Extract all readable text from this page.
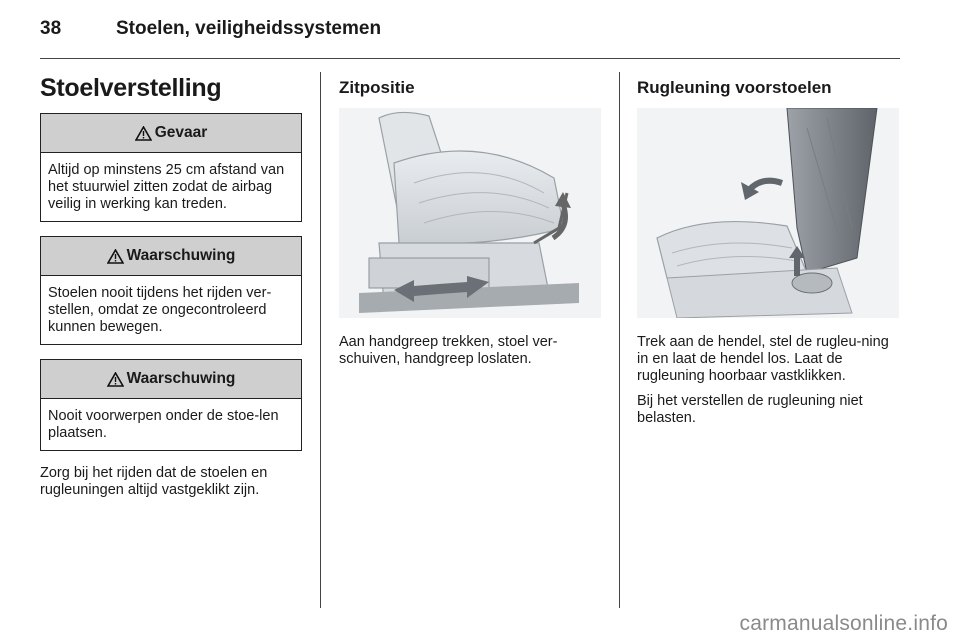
38	Stoelen, veiligheidssystemen
Stoelverstelling
Gevaar
Altijd op minstens 25 cm afstand van het stuurwiel zitten zodat de airbag veilig in werking kan treden.
Waarschuwing
Stoelen nooit tijdens het rijden ver-stellen, omdat ze ongecontroleerd kunnen bewegen.
Waarschuwing
Nooit voorwerpen onder de stoe-len plaatsen.

Zorg bij het rijden dat de stoelen en rugleuningen altijd vastgeklikt zijn.

Zitpositie

Aan handgreep trekken, stoel ver-schuiven, handgreep loslaten.

Rugleuning voorstoelen

Trek aan de hendel, stel de rugleu-ning in en laat de hendel los. Laat de rugleuning hoorbaar vastklikken.

Bij het verstellen de rugleuning niet belasten.

carmanualsonline.info
